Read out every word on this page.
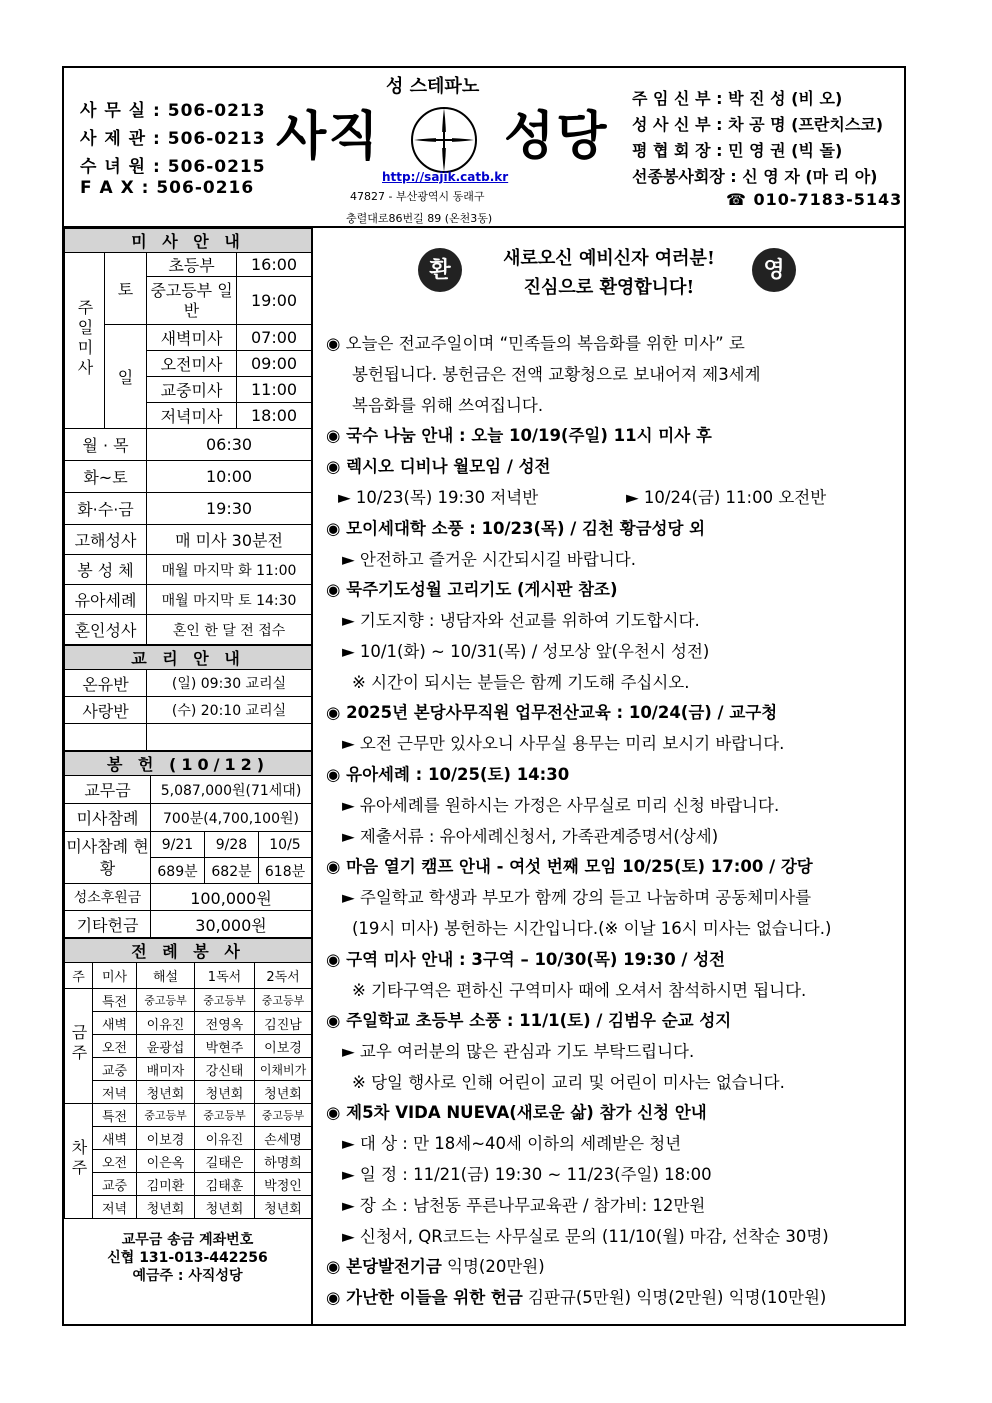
사 무 실 : 506-0213
사 제 관 : 506-0213
수 녀 원 : 506-0215
F A X : 506-0216
성 스테파노
사직 성당
http://sajik.catb.kr
47827 - 부산광역시 동래구
충렬대로86번길 89 (온천3동)
주 임 신 부 : 박 진 성 (비 오)
성 사 신 부 : 차 공 명 (프란치스코)
평 협 회 장 : 민 영 권 (빅 돌)
선종봉사회장 : 신 영 자 (마 리 아)
☎ 010-7183-5143
미 사 안 내			
주일미사	토	초등부	16:00
		중고등부 일반	19:00
	일	새벽미사	07:00
		오전미사	09:00
		교중미사	11:00
		저녁미사	18:00
월 · 목		06:30	
화~토		10:00	
화·수·금		19:30	
고해성사		매 미사 30분전	
봉 성 체		매월 마지막 화 11:00	
유아세례		매월 마지막 토 14:30	
혼인성사		혼인 한 달 전 접수	
교 리 안 내	
온유반	(일) 09:30 교리실
사랑반	(수) 20:10 교리실

봉 헌 (10/12)			
교무금	5,087,000원(71세대)		
미사참례	700분(4,700,100원)		
미사참례 현황	9/21	9/28	10/5
	689분	682분	618분
성소후원금	100,000원		
기타헌금	30,000원		
전 례 봉 사				
주	미사	해설	1독서	2독서
금주	특전	중고등부	중고등부	중고등부
	새벽	이유진	전영옥	김진남
	오전	윤광섭	박현주	이보경
	교중	배미자	강신태	이채비가
	저녁	청년회	청년회	청년회
차주	특전	중고등부	중고등부	중고등부
	새벽	이보경	이유진	손세명
	오전	이은옥	길태은	하명희
	교중	김미환	김태훈	박정인
	저녁	청년회	청년회	청년회
교무금 송금 계좌번호
신협 131-013-442256
예금주 : 사직성당
환	새로오신 예비신자 여러분!
진심으로 환영합니다!
영
◉ 오늘은 전교주일이며 “민족들의 복음화를 위한 미사” 로
봉헌됩니다. 봉헌금은 전액 교황청으로 보내어져 제3세계
복음화를 위해 쓰여집니다.
◉ 국수 나눔 안내 : 오늘 10/19(주일) 11시 미사 후
◉ 렉시오 디비나 월모임 / 성전
► 10/23(목) 19:30 저녁반	► 10/24(금) 11:00 오전반
◉ 모이세대학 소풍 : 10/23(목) / 김천 황금성당 외
► 안전하고 즐거운 시간되시길 바랍니다.
◉ 묵주기도성월 고리기도 (게시판 참조)
► 기도지향 : 냉담자와 선교를 위하여 기도합시다.
► 10/1(화) ~ 10/31(목) / 성모상 앞(우천시 성전)
※ 시간이 되시는 분들은 함께 기도해 주십시오.
◉ 2025년 본당사무직원 업무전산교육 : 10/24(금) / 교구청
► 오전 근무만 있사오니 사무실 용무는 미리 보시기 바랍니다.
◉ 유아세례 : 10/25(토) 14:30
► 유아세례를 원하시는 가정은 사무실로 미리 신청 바랍니다.
► 제출서류 : 유아세례신청서, 가족관계증명서(상세)
◉ 마음 열기 캠프 안내 - 여섯 번째 모임 10/25(토) 17:00 / 강당
► 주일학교 학생과 부모가 함께 강의 듣고 나눔하며 공동체미사를
(19시 미사) 봉헌하는 시간입니다.(※ 이날 16시 미사는 없습니다.)
◉ 구역 미사 안내 : 3구역 – 10/30(목) 19:30 / 성전
※ 기타구역은 편하신 구역미사 때에 오셔서 참석하시면 됩니다.
◉ 주일학교 초등부 소풍 : 11/1(토) / 김범우 순교 성지
► 교우 여러분의 많은 관심과 기도 부탁드립니다.
※ 당일 행사로 인해 어린이 교리 및 어린이 미사는 없습니다.
◉ 제5차 VIDA NUEVA(새로운 삶) 참가 신청 안내
► 대 상 : 만 18세~40세 이하의 세례받은 청년
► 일 정 : 11/21(금) 19:30 ~ 11/23(주일) 18:00
► 장 소 : 남천동 푸른나무교육관 / 참가비: 12만원
► 신청서, QR코드는 사무실로 문의 (11/10(월) 마감, 선착순 30명)
◉ 본당발전기금 익명(20만원)
◉ 가난한 이들을 위한 헌금 김판규(5만원) 익명(2만원) 익명(10만원)
